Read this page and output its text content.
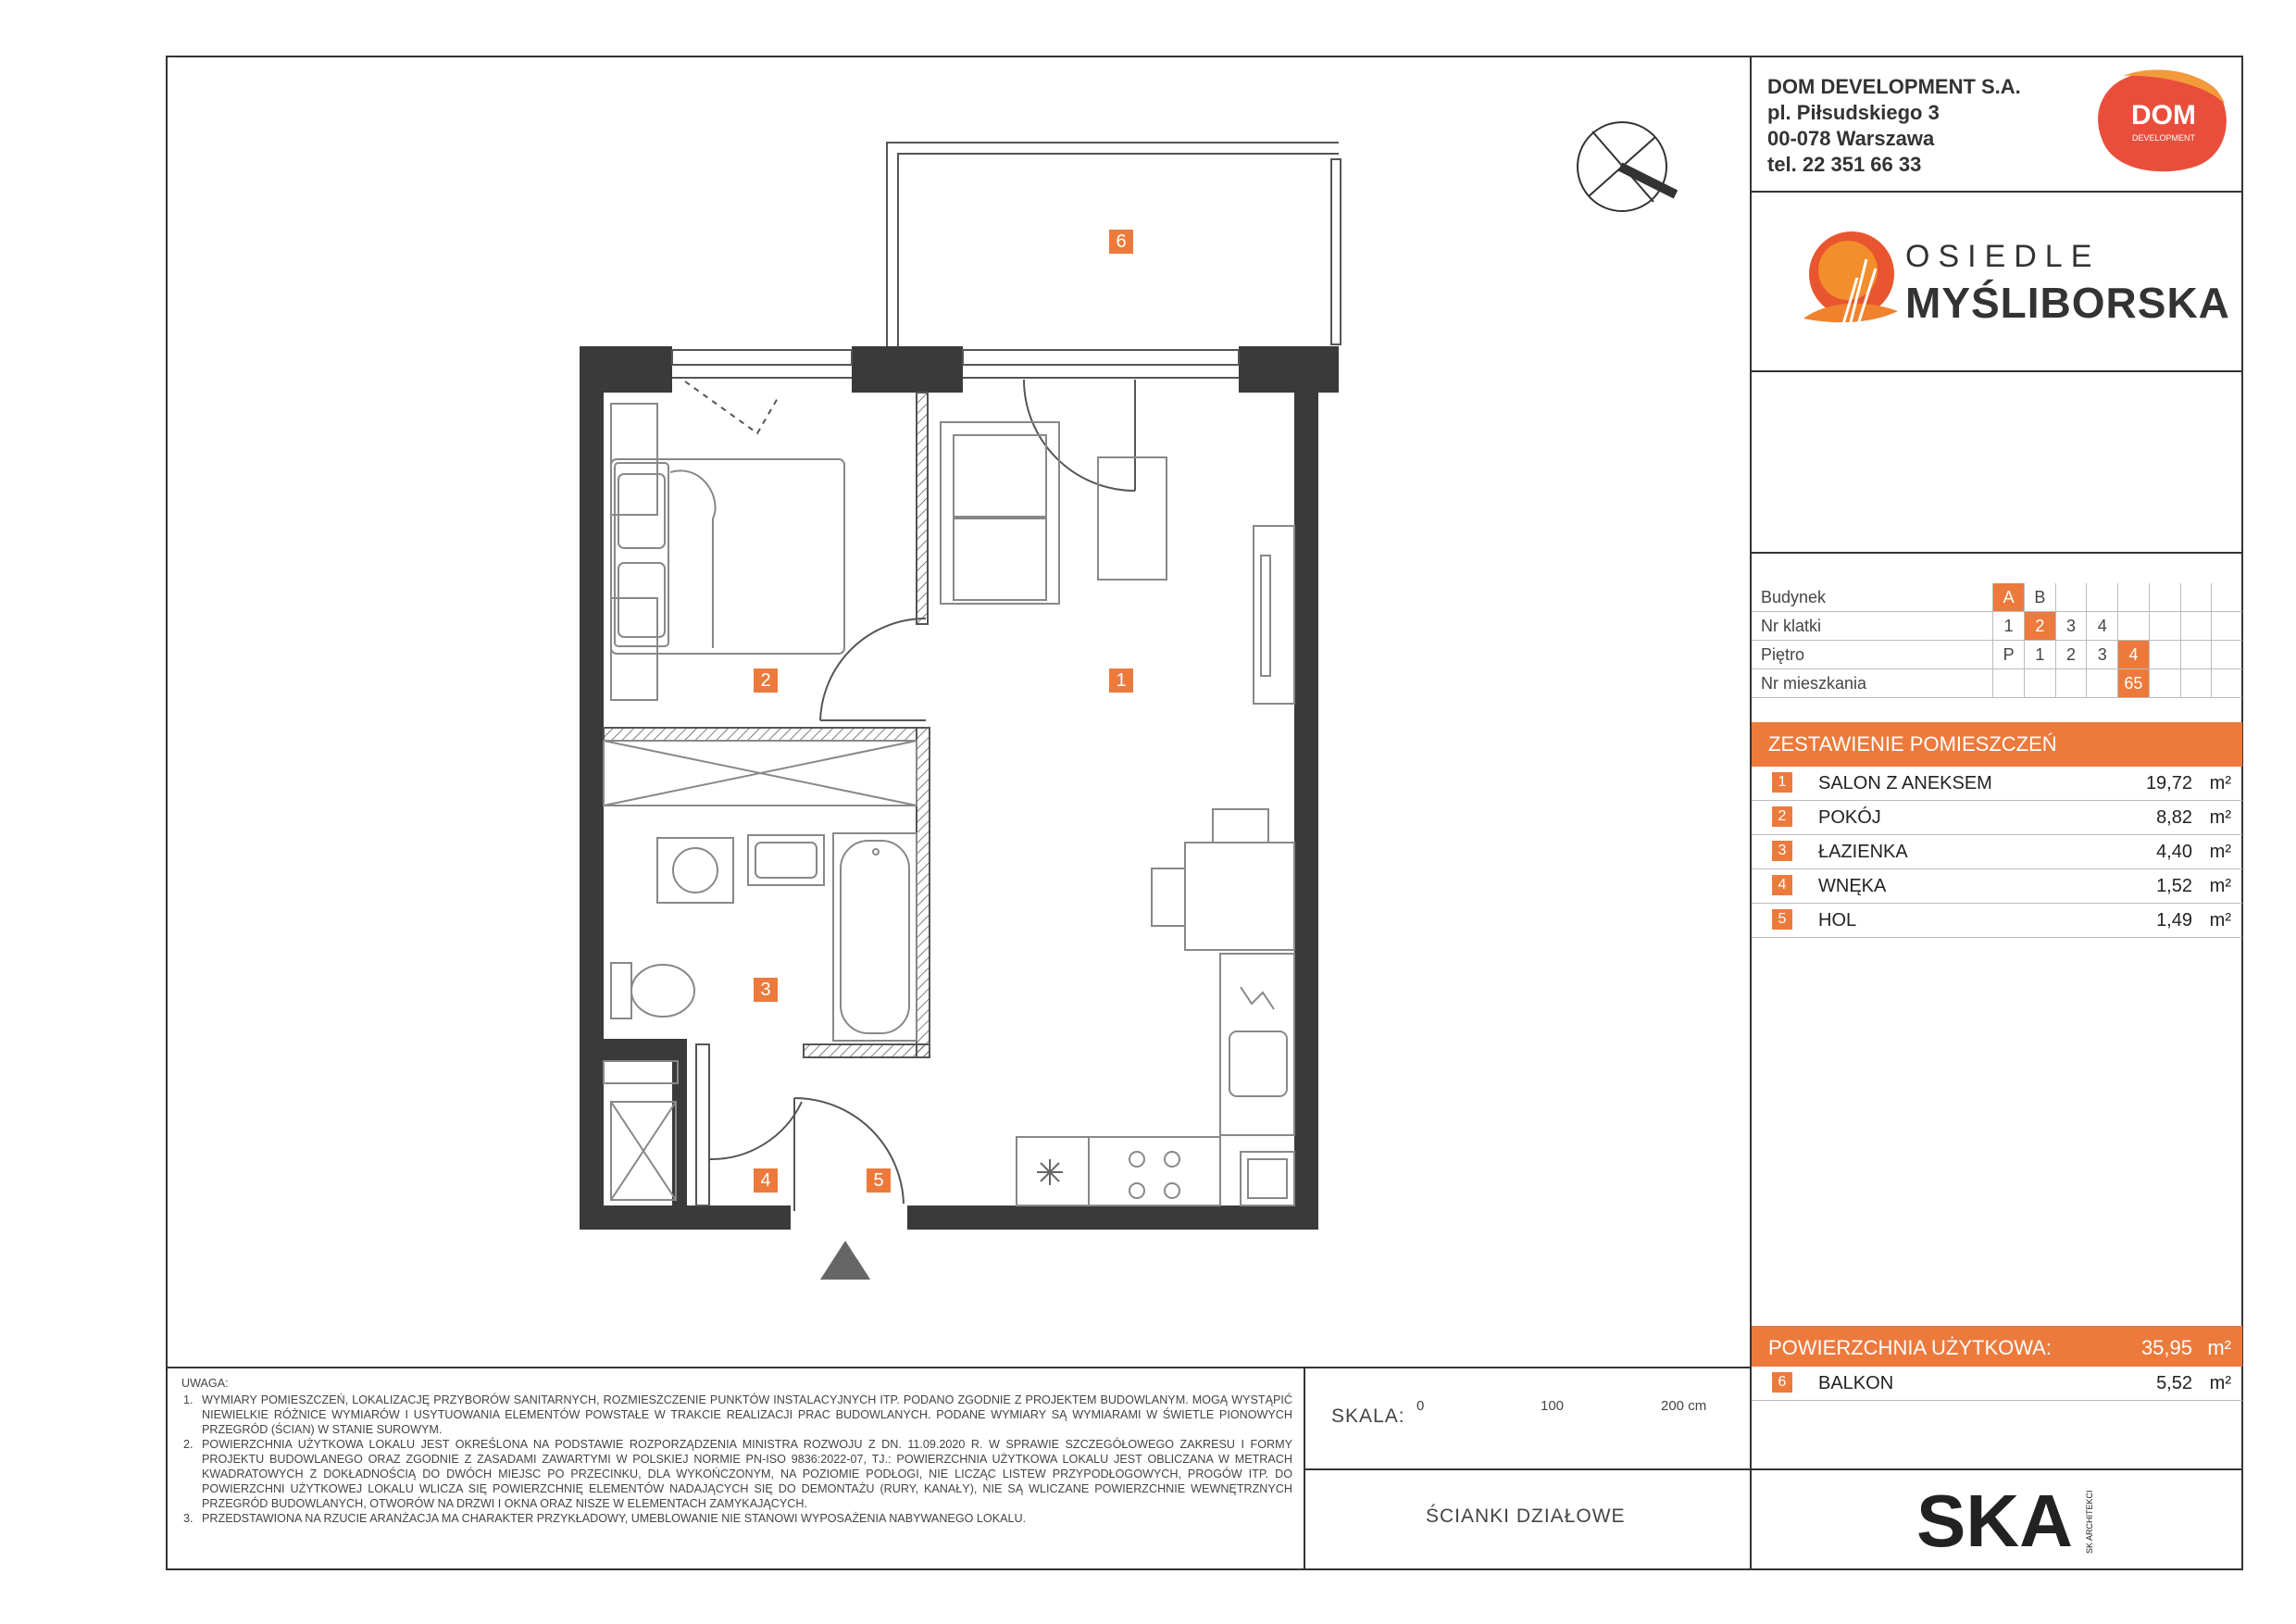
1
2
3
4	5
6
DOM DEVELOPMENT S.A.
pl. Piłsudskiego 3
00-078 Warszawa
tel. 22 351 66 33
DOM
DEVELOPMENT
OSIEDLE
MYŚLIBORSKA
Budynek	A	B						
Nr klatki	1	2	3	4				
Piętro	P	1	2	3	4			
Nr mieszkania					65			
ZESTAWIENIE POMIESZCZEŃ
1	SALON Z ANEKSEM	19,72 m²
2	POKÓJ	8,82 m²
3	ŁAZIENKA	4,40 m²
4	WNĘKA	1,52 m²
5	HOL	1,49 m²
POWIERZCHNIA UŻYTKOWA:	35,95 m²
6	BALKON	5,52 m²
UWAGA:
1. WYMIARY POMIESZCZEŃ, LOKALIZACJĘ PRZYBORÓW SANITARNYCH, ROZMIESZCZENIE PUNKTÓW INSTALACYJNYCH ITP. PODANO ZGODNIE Z PROJEKTEM BUDOWLANYM. MOGĄ WYSTĄPIĆ NIEWIELKIE RÓŻNICE WYMIARÓW I USYTUOWANIA ELEMENTÓW POWSTAŁE W TRAKCIE REALIZACJI PRAC BUDOWLANYCH. PODANE WYMIARY SĄ WYMIARAMI W ŚWIETLE PIONOWYCH PRZEGRÓD (ŚCIAN) W STANIE SUROWYM.
2. POWIERZCHNIA UŻYTKOWA LOKALU JEST OKREŚLONA NA PODSTAWIE ROZPORZĄDZENIA MINISTRA ROZWOJU Z DN. 11.09.2020 R. W SPRAWIE SZCZEGÓŁOWEGO ZAKRESU I FORMY PROJEKTU BUDOWLANEGO ORAZ ZGODNIE Z ZASADAMI ZAWARTYMI W POLSKIEJ NORMIE PN-ISO 9836:2022-07, TJ.: POWIERZCHNIA UŻYTKOWA LOKALU JEST OBLICZANA W METRACH KWADRATOWYCH Z DOKŁADNOŚCIĄ DO DWÓCH MIEJSC PO PRZECINKU, DLA WYKOŃCZONYM, NA POZIOMIE PODŁOGI, NIE LICZĄC LISTEW PRZYPODŁOGOWYCH, PROGÓW ITP. DO POWIERZCHNI UŻYTKOWEJ LOKALU WLICZA SIĘ POWIERZCHNIĘ ELEMENTÓW NADAJĄCYCH SIĘ DO DEMONTAŻU (RURY, KANAŁY), NIE SĄ WLICZANE POWIERZCHNIE WEWNĘTRZNYCH PRZEGRÓD BUDOWLANYCH, OTWORÓW NA DRZWI I OKNA ORAZ NISZE W ELEMENTACH ZAMYKAJĄCYCH.
3. PRZEDSTAWIONA NA RZUCIE ARANŻACJA MA CHARAKTER PRZYKŁADOWY, UMEBLOWANIE NIE STANOWI WYPOSAŻENIA NABYWANEGO LOKALU.
SKALA: 0	100	200 cm
ŚCIANKI DZIAŁOWE	SKA SK ARCHITEKCI
